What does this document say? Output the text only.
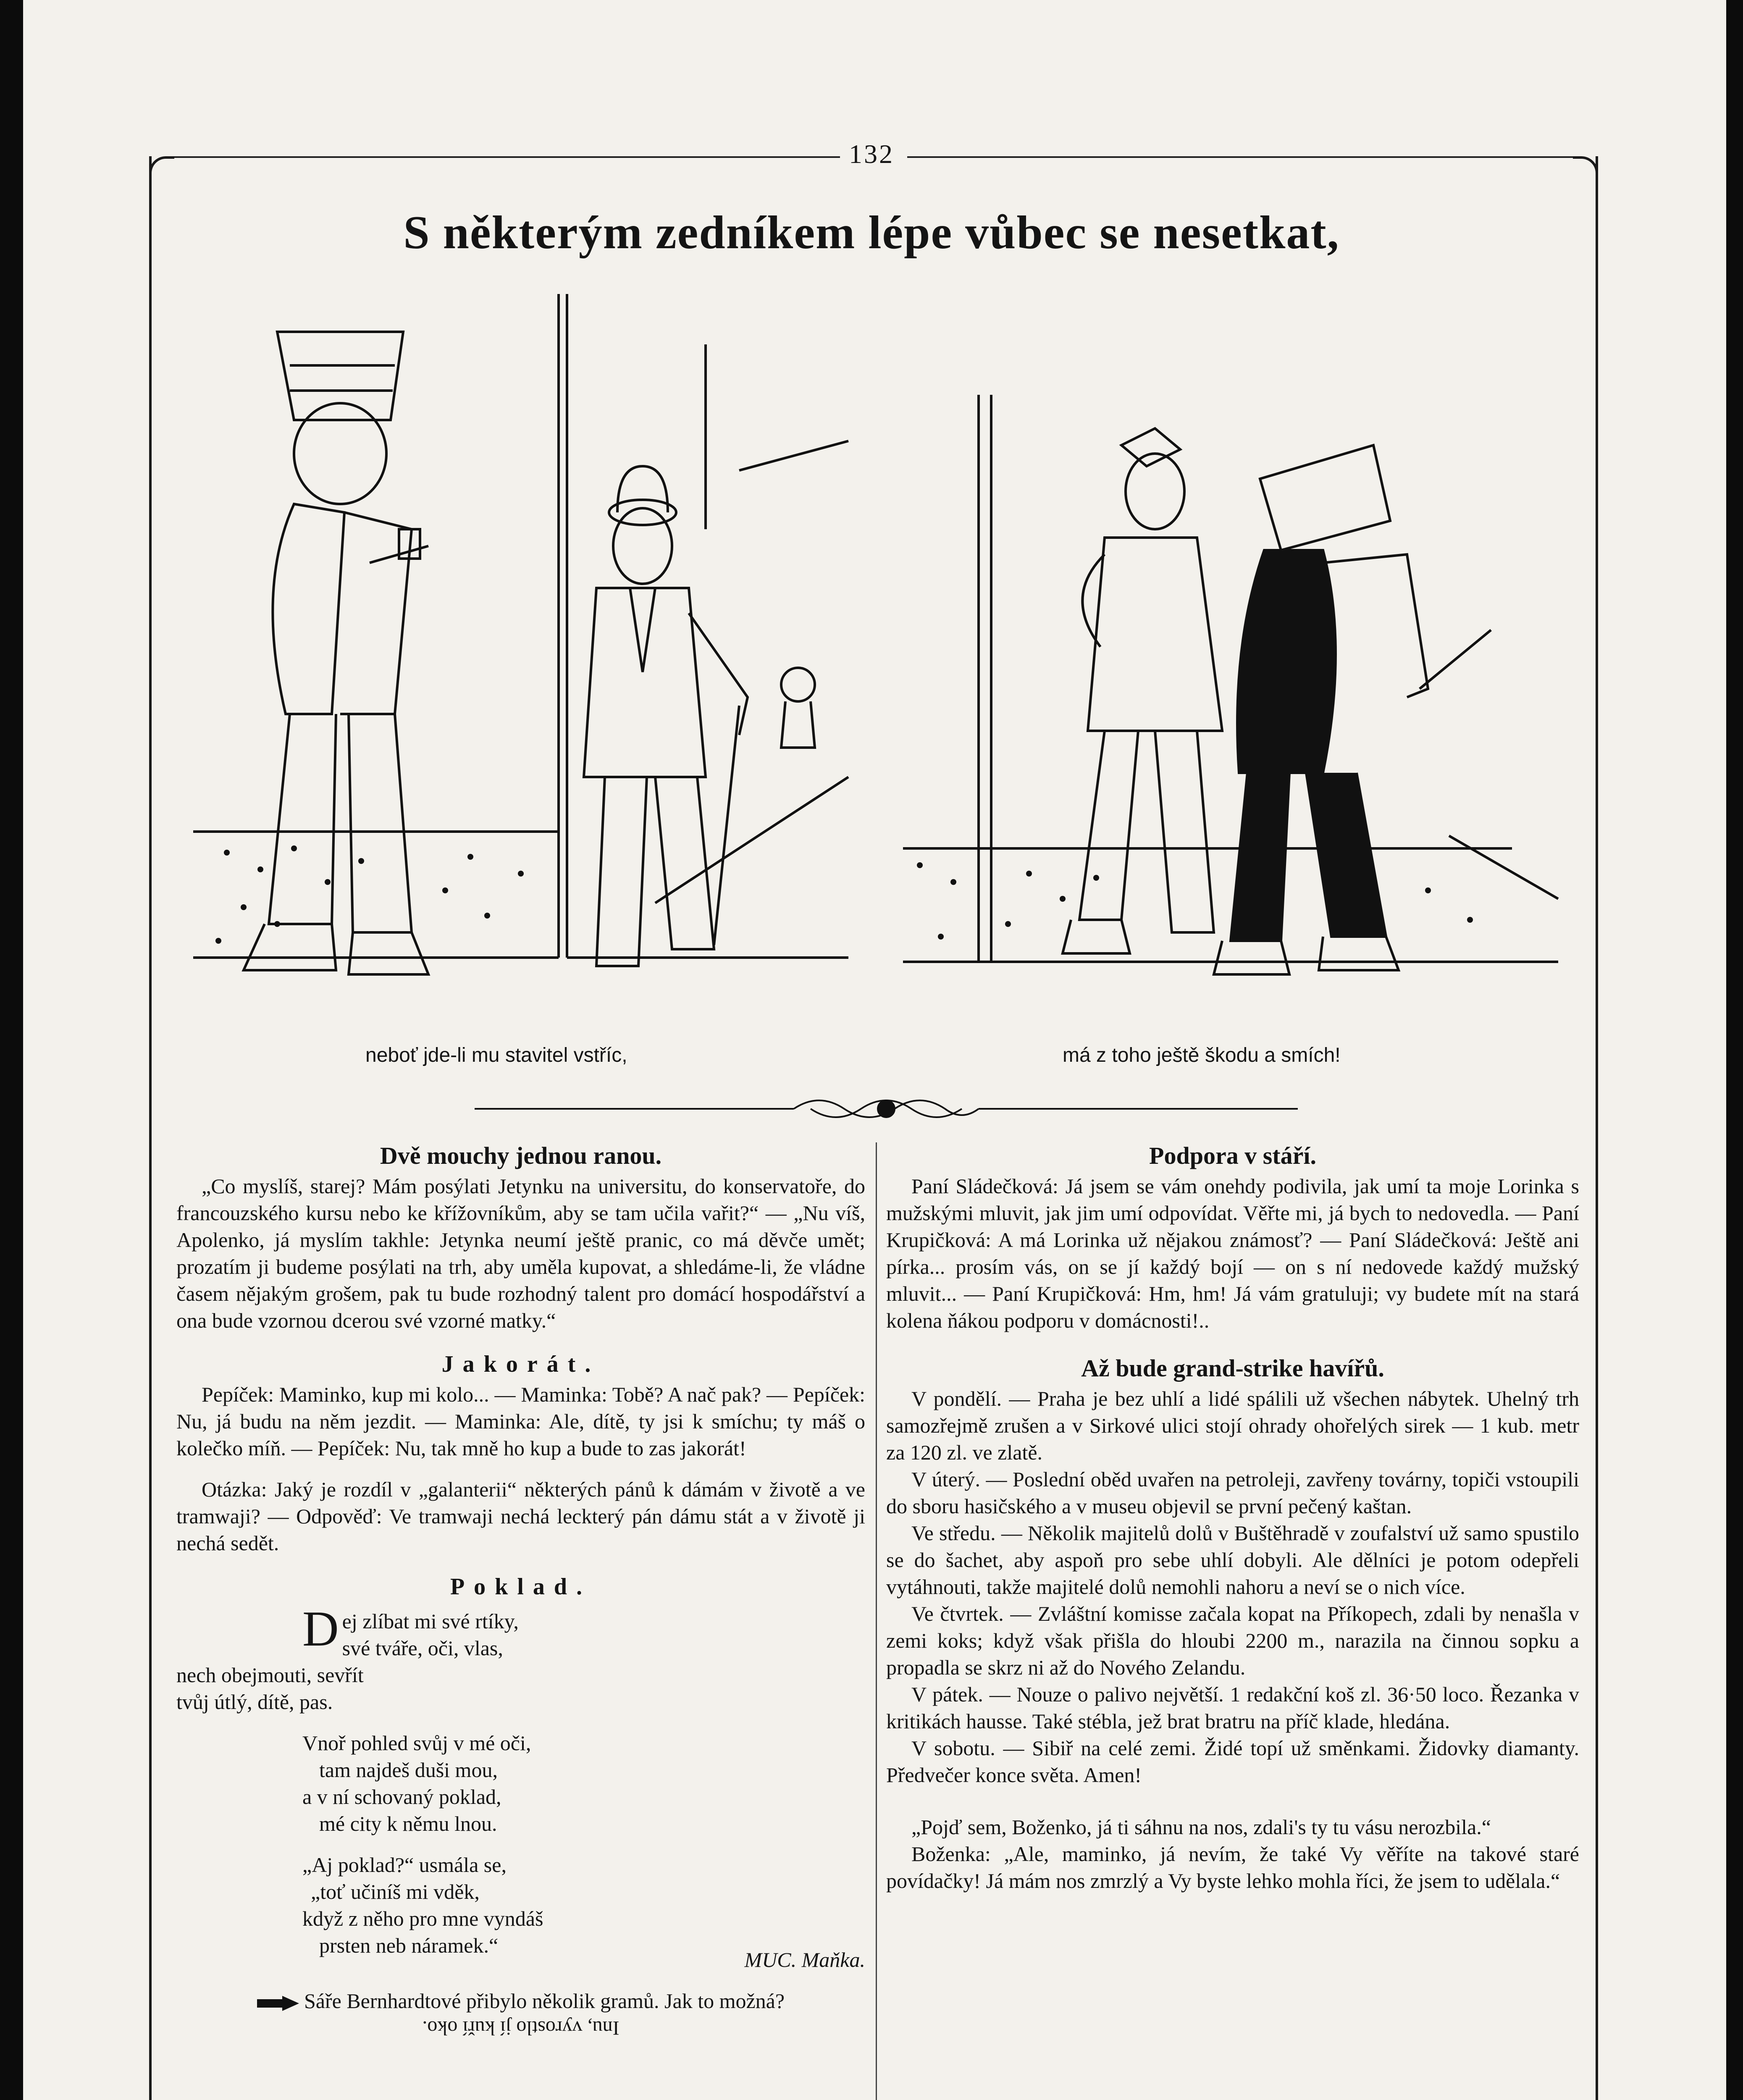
132
S některým zedníkem lépe vůbec se nesetkat,
neboť jde-li mu stavitel vstříc,	má z toho ještě škodu a smích!
Dvě mouchy jednou ranou.

„Co myslíš, starej? Mám posýlati Jetynku na universitu, do konservatoře, do francouzského kursu nebo ke křížovníkům, aby se tam učila vařit?“ — „Nu víš, Apolenko, já myslím takhle: Jetynka neumí ještě pranic, co má děvče umět; prozatím ji budeme posýlati na trh, aby uměla kupovat, a shledáme-li, že vládne časem nějakým grošem, pak tu bude rozhodný talent pro domácí hospodářství a ona bude vzornou dcerou své vzorné matky.“

Jakorát.

Pepíček: Maminko, kup mi kolo... — Maminka: Tobě? A nač pak? — Pepíček: Nu, já budu na něm jezdit. — Maminka: Ale, dítě, ty jsi k smíchu; ty máš o kolečko míň. — Pepíček: Nu, tak mně ho kup a bude to zas jakorát!

Otázka: Jaký je rozdíl v „galanterii“ některých pánů k dámám v životě a ve tramwaji? — Odpověď: Ve tramwaji nechá leckterý pán dámu stát a v životě ji nechá sedět.

Poklad.
D ej zlíbat mi své rtíky,
své tváře, oči, vlas,
nech obejmouti, sevřít
tvůj útlý, dítě, pas.
Vnoř pohled svůj v mé oči,
tam najdeš duši mou,
a v ní schovaný poklad,
mé city k němu lnou.
„Aj poklad?“ usmála se,
„toť učiníš mi vděk,
když z něho pro mne vyndáš
prsten neb náramek.“
MUC. Maňka.

Sáře Bernhardtové přibylo několik gramů. Jak to možná?

Inu, vyrostlo jí kuří oko.
Podpora v stáří.

Paní Sládečková: Já jsem se vám onehdy podivila, jak umí ta moje Lorinka s mužskými mluvit, jak jim umí odpovídat. Věřte mi, já bych to nedovedla. — Paní Krupičková: A má Lorinka už nějakou známosť? — Paní Sládečková: Ještě ani pírka... prosím vás, on se jí každý bojí — on s ní nedovede každý mužský mluvit... — Paní Krupičková: Hm, hm! Já vám gratuluji; vy budete mít na stará kolena ňákou podporu v domácnosti!..

Až bude grand-strike havířů.

V pondělí. — Praha je bez uhlí a lidé spálili už všechen nábytek. Uhelný trh samozřejmě zrušen a v Sirkové ulici stojí ohrady ohořelých sirek — 1 kub. metr za 120 zl. ve zlatě.

V úterý. — Poslední oběd uvařen na petroleji, zavřeny továrny, topiči vstoupili do sboru hasičského a v museu objevil se první pečený kaštan.

Ve středu. — Několik majitelů dolů v Buštěhradě v zoufalství už samo spustilo se do šachet, aby aspoň pro sebe uhlí dobyli. Ale dělníci je potom odepřeli vytáhnouti, takže majitelé dolů nemohli nahoru a neví se o nich více.

Ve čtvrtek. — Zvláštní komisse začala kopat na Příkopech, zdali by nenašla v zemi koks; když však přišla do hloubi 2200 m., narazila na činnou sopku a propadla se skrz ni až do Nového Zelandu.

V pátek. — Nouze o palivo největší. 1 redakční koš zl. 36·50 loco. Řezanka v kritikách hausse. Také stébla, jež brat bratru na příč klade, hledána.

V sobotu. — Sibiř na celé zemi. Židé topí už směnkami. Židovky diamanty. Předvečer konce světa. Amen!

„Pojď sem, Boženko, já ti sáhnu na nos, zdali's ty tu vásu nerozbila.“

Boženka: „Ale, maminko, já nevím, že také Vy věříte na takové staré povídačky! Já mám nos zmrzlý a Vy byste lehko mohla říci, že jsem to udělala.“
